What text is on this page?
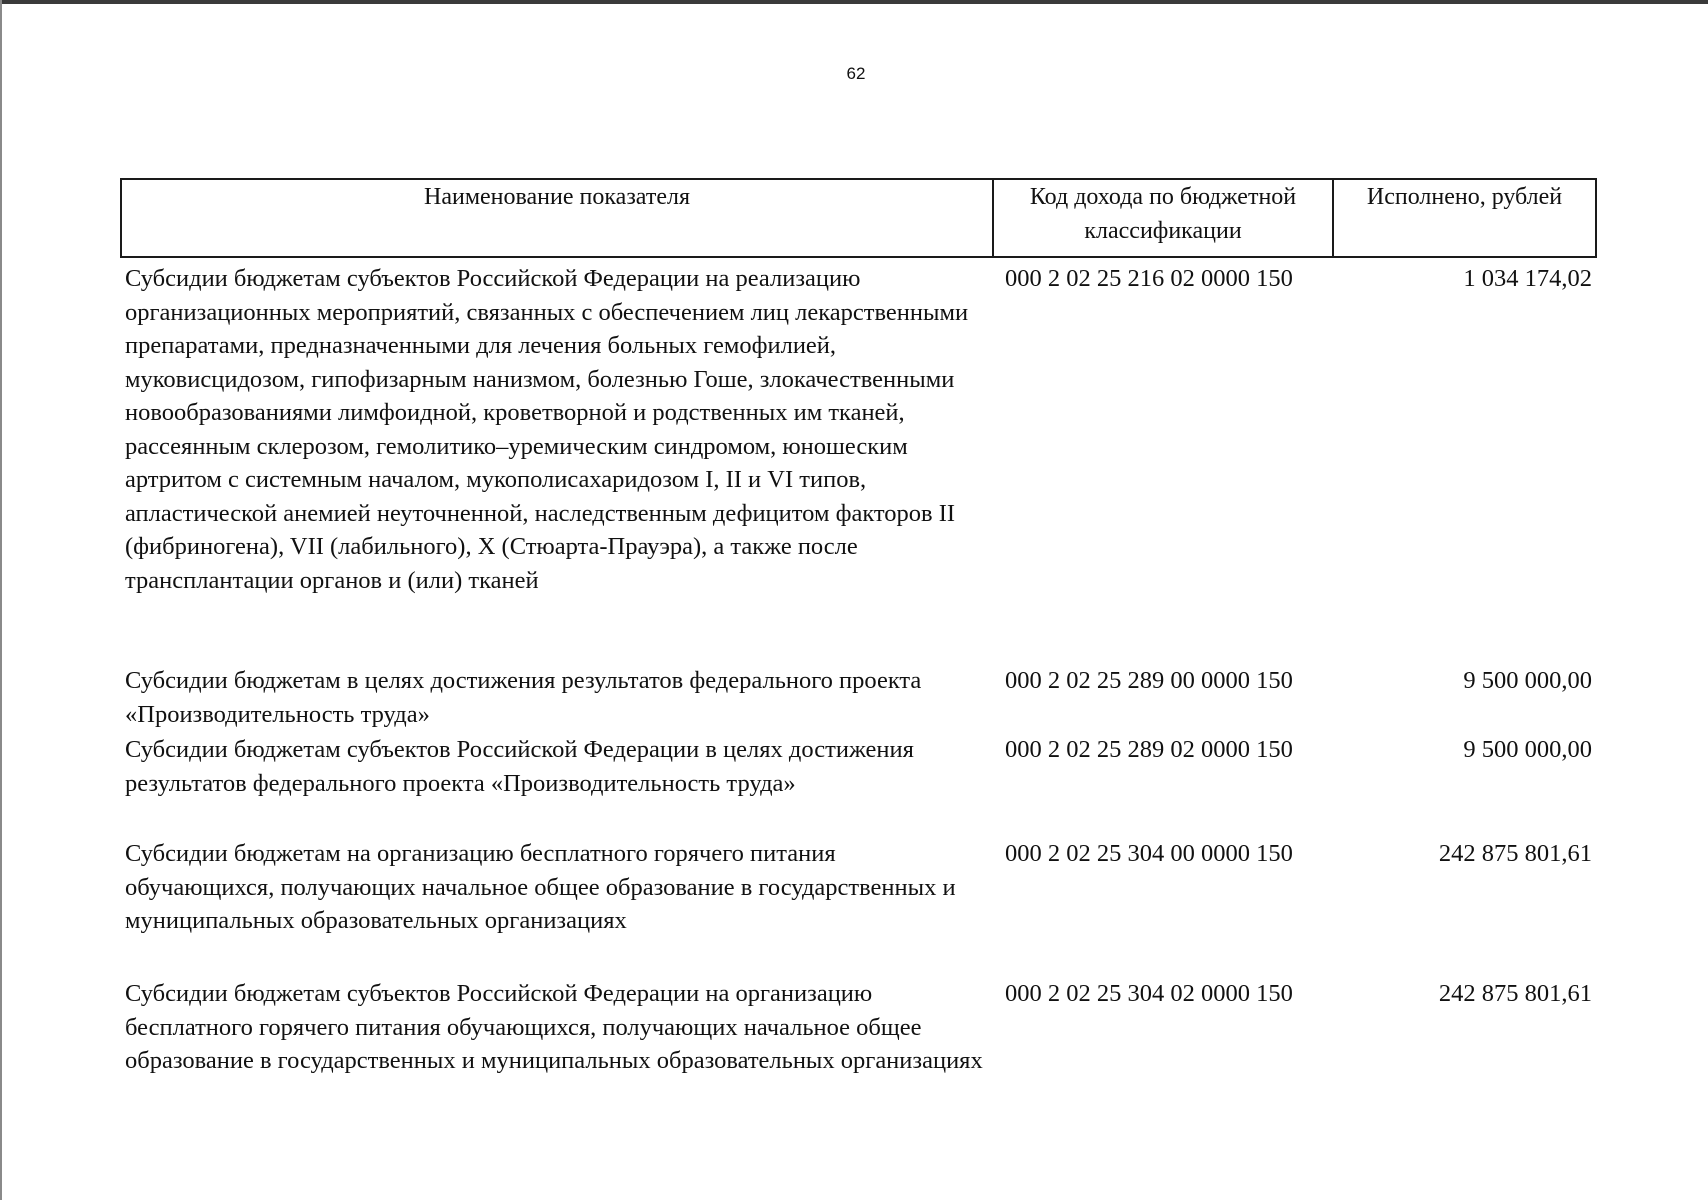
62
Наименование показателя	Код дохода по бюджетной классификации	Исполнено, рублей
Субсидии бюджетам субъектов Российской Федерации на реализацию организационных мероприятий, связанных с обеспечением лиц лекарственными препаратами, предназначенными для лечения больных гемофилией, муковисцидозом, гипофизарным нанизмом, болезнью Гоше, злокачественными новообразованиями лимфоидной, кроветворной и родственных им тканей, рассеянным склерозом, гемолитико–уремическим синдромом, юношеским артритом с системным началом, мукополисахаридозом I, II и VI типов, апластической анемией неуточненной, наследственным дефицитом факторов II (фибриногена), VII (лабильного), X (Стюарта-Прауэра), а также после трансплантации органов и (или) тканей	000 2 02 25 216 02 0000 150	1 034 174,02
Субсидии бюджетам в целях достижения результатов федерального проекта «Производительность труда»	000 2 02 25 289 00 0000 150	9 500 000,00
Субсидии бюджетам субъектов Российской Федерации в целях достижения результатов федерального проекта «Производительность труда»	000 2 02 25 289 02 0000 150	9 500 000,00
Субсидии бюджетам на организацию бесплатного горячего питания обучающихся, получающих начальное общее образование в государственных и муниципальных образовательных организациях	000 2 02 25 304 00 0000 150	242 875 801,61
Субсидии бюджетам субъектов Российской Федерации на организацию бесплатного горячего питания обучающихся, получающих начальное общее образование в государственных и муниципальных образовательных организациях	000 2 02 25 304 02 0000 150	242 875 801,61
